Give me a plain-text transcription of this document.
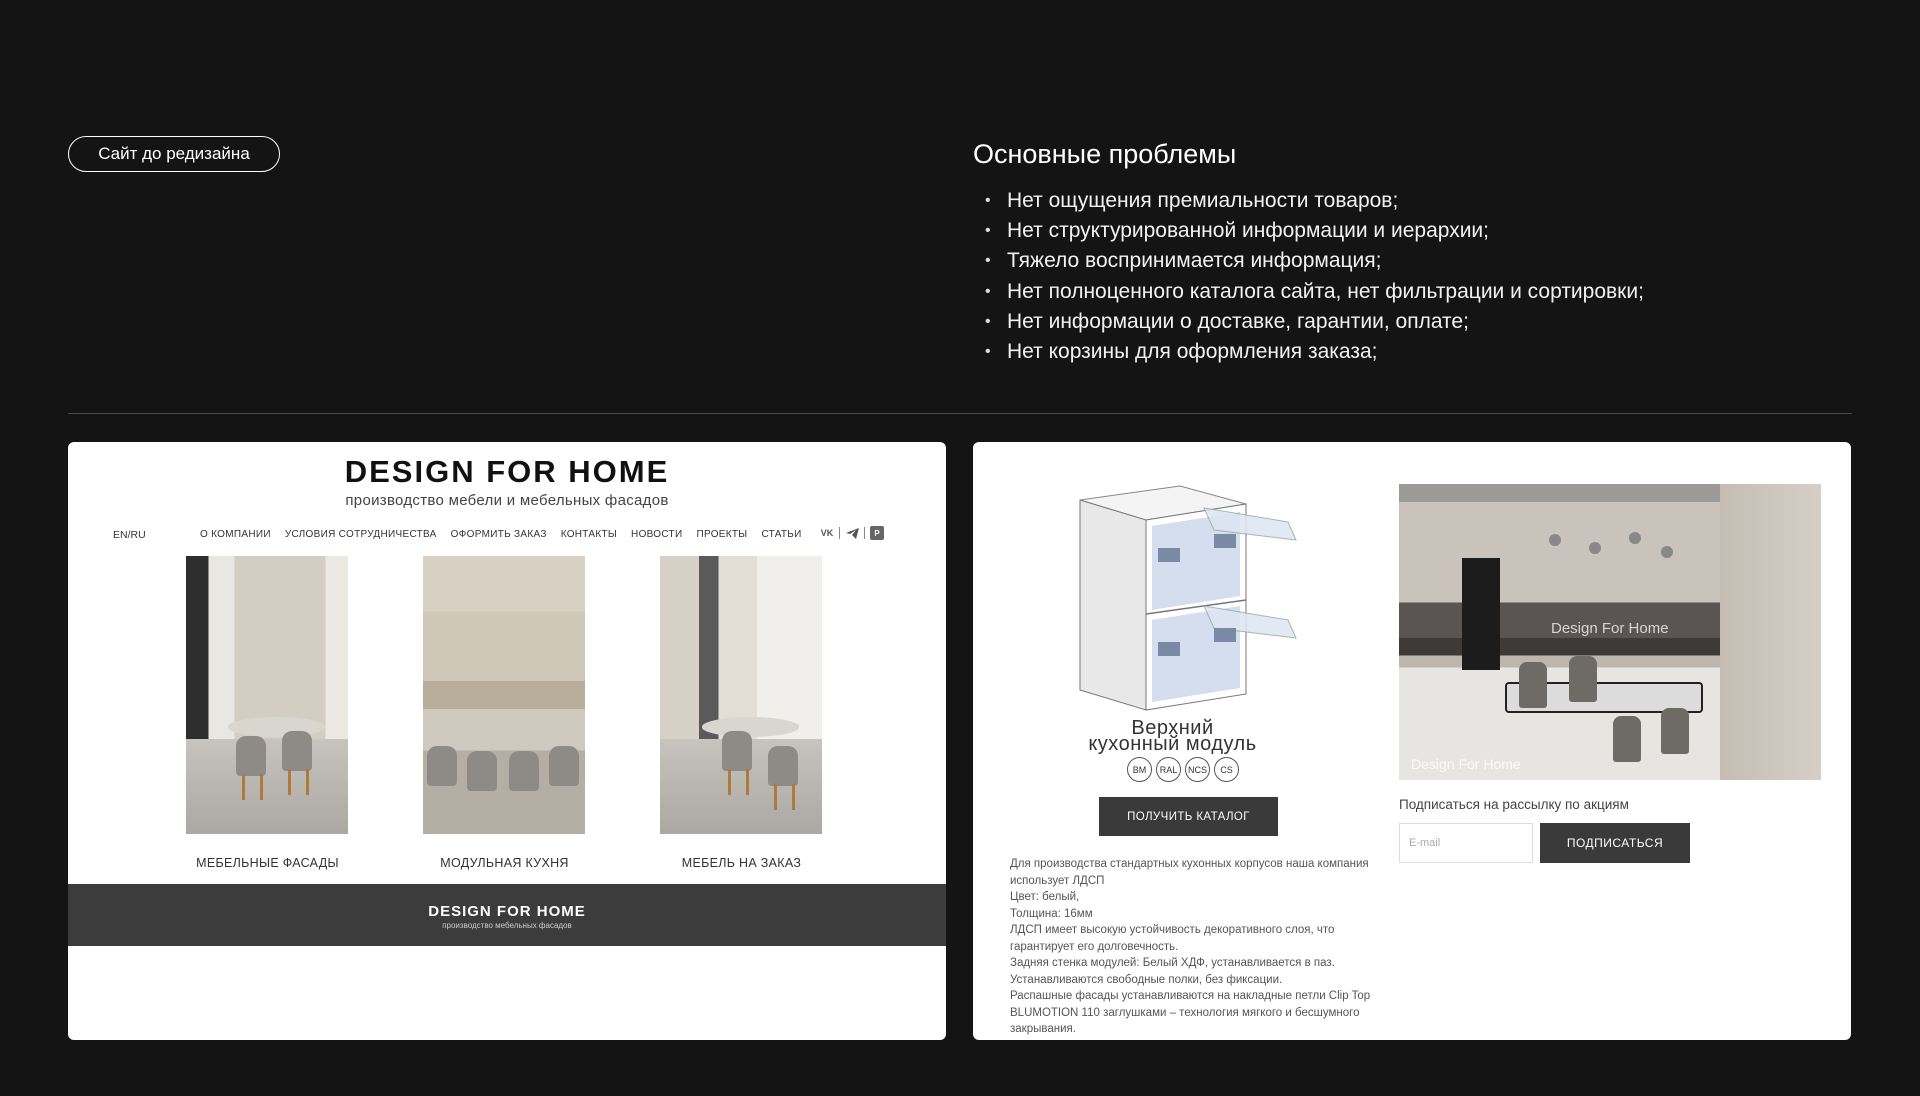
Сайт до редизайна	Основные проблемы
• Нет ощущения премиальности товаров;
• Нет структурированной информации и иерархии;
• Тяжело воспринимается информация;
• Нет полноценного каталога сайта, нет фильтрации и сортировки;
• Нет информации о доставке, гарантии, оплате;
• Нет корзины для оформления заказа;
DESIGN FOR HOME
производство мебели и мебельных фасадов
EN/RU	О КОМПАНИИ УСЛОВИЯ СОТРУДНИЧЕСТВА ОФОРМИТЬ ЗАКАЗ КОНТАКТЫ НОВОСТИ ПРОЕКТЫ СТАТЬИ VK	P
МЕБЕЛЬНЫЕ ФАСАДЫ	МОДУЛЬНАЯ КУХНЯ	МЕБЕЛЬ НА ЗАКАЗ
DESIGN FOR HOME
производство мебельных фасадов
Верхний
кухонный модуль
BM	RAL	NCS	CS
ПОЛУЧИТЬ КАТАЛОГ

Для производства стандартных кухонных корпусов наша компания использует ЛДСП

Цвет: белый,

Толщина: 16мм

ЛДСП имеет высокую устойчивость декоративного слоя, что гарантирует его долговечность.

Задняя стенка модулей: Белый ХДФ, устанавливается в паз.

Устанавливаются свободные полки, без фиксации.

Распашные фасады устанавливаются на накладные петли Clip Top BLUMOTION 110 заглушками – технология мягкого и бесшумного закрывания.

Design For Home
Design For Home
Подписаться на рассылку по акциям
E-mail
ПОДПИСАТЬСЯ
